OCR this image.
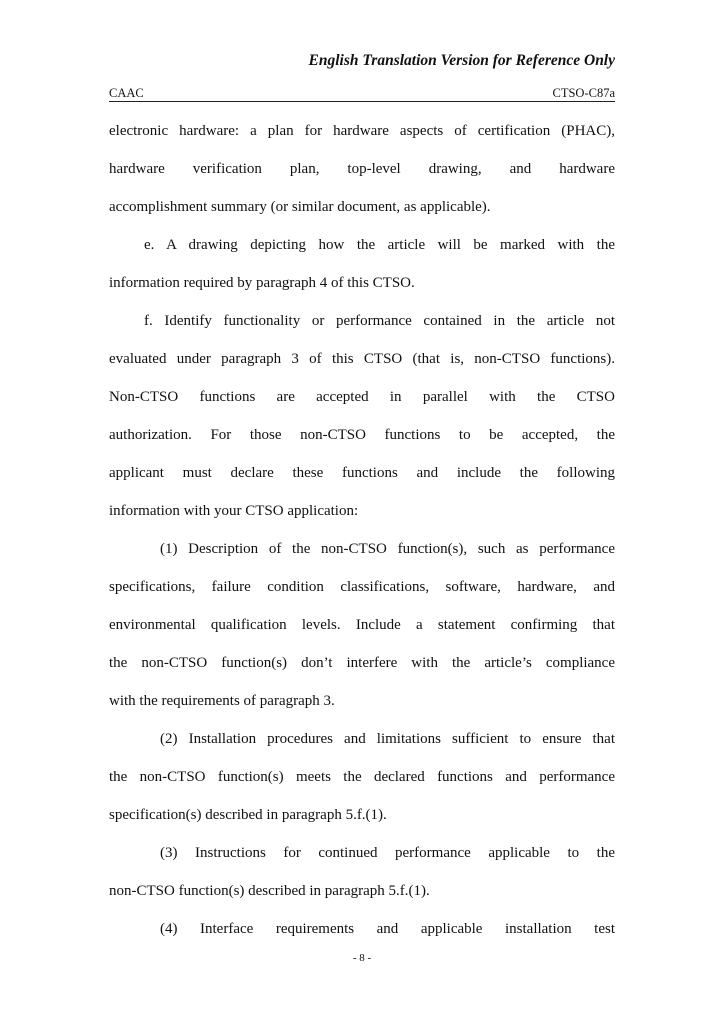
English Translation Version for Reference Only
CAAC	CTSO-C87a
electronic hardware: a plan for hardware aspects of certification (PHAC),
hardware verification plan, top-level drawing, and hardware
accomplishment summary (or similar document, as applicable).
e. A drawing depicting how the article will be marked with the
information required by paragraph 4 of this CTSO.
f. Identify functionality or performance contained in the article not
evaluated under paragraph 3 of this CTSO (that is, non-CTSO functions).
Non-CTSO functions are accepted in parallel with the CTSO
authorization. For those non-CTSO functions to be accepted, the
applicant must declare these functions and include the following
information with your CTSO application:
(1) Description of the non-CTSO function(s), such as performance
specifications, failure condition classifications, software, hardware, and
environmental qualification levels. Include a statement confirming that
the non-CTSO function(s) don’t interfere with the article’s compliance
with the requirements of paragraph 3.
(2) Installation procedures and limitations sufficient to ensure that
the non-CTSO function(s) meets the declared functions and performance
specification(s) described in paragraph 5.f.(1).
(3) Instructions for continued performance applicable to the
non-CTSO function(s) described in paragraph 5.f.(1).
(4) Interface requirements and applicable installation test
- 8 -
